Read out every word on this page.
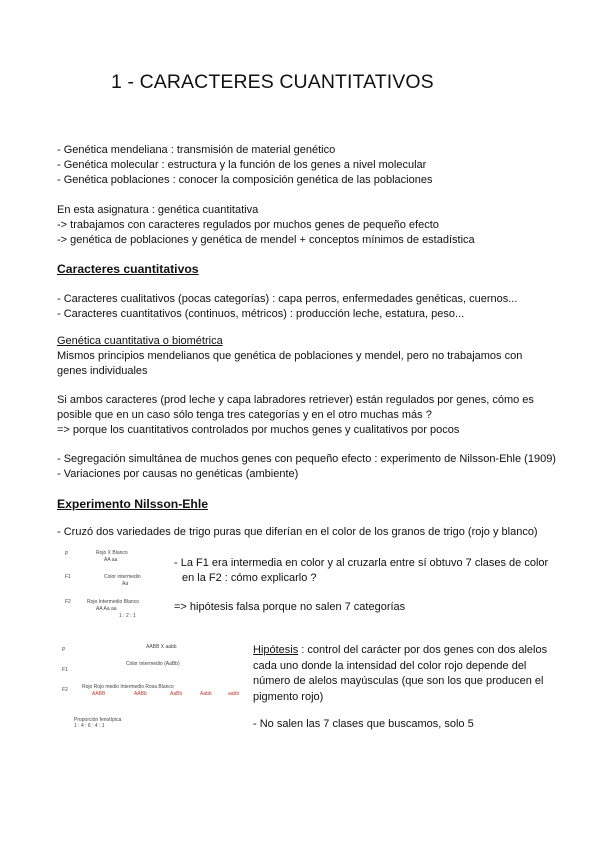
1 - CARACTERES CUANTITATIVOS
- Genética mendeliana : transmisión de material genético
- Genética molecular : estructura y la función de los genes a nivel molecular
- Genética poblaciones : conocer la composición genética de las poblaciones
En esta asignatura : genética cuantitativa
-> trabajamos con caracteres regulados por muchos genes de pequeño efecto
-> genética de poblaciones y genética de mendel + conceptos mínimos de estadística
Caracteres cuantitativos
- Caracteres cualitativos (pocas categorías) : capa perros, enfermedades genéticas, cuernos...
- Caracteres cuantitativos (continuos, métricos) : producción leche, estatura, peso...
Genética cuantitativa o biométrica
Mismos principios mendelianos que genética de poblaciones y mendel, pero no trabajamos con
genes individuales
Si ambos caracteres (prod leche y capa labradores retriever) están regulados por genes, cómo es
posible que en un caso sólo tenga tres categorías y en el otro muchas más ?
=> porque los cuantitativos controlados por muchos genes y cualitativos por pocos
- Segregación simultánea de muchos genes con pequeño efecto : experimento de Nilsson-Ehle (1909)
- Variaciones por causas no genéticas (ambiente)
Experimento Nilsson-Ehle
- Cruzó dos variedades de trigo puras que diferían en el color de los granos de trigo (rojo y blanco)
P	Rojo X Blanco
AA aa
F1	Color intermedio
Aa
F2	Rojo Intermedio Blanco
AA Aa aa
1 : 2 : 1
- La F1 era intermedia en color y al cruzarla entre sí obtuvo 7 clases de color
en la F2 : cómo explicarlo ?
=> hipótesis falsa porque no salen 7 categorías
P	AABB X aabb
F1
Color intermedio (AaBb)
F2	Rojo Rojo medio Intermedio Rosa Blanco
AABB	AABb	AaBb	Aabb	aabb
Proporción fenotípica
1 : 4 : 6 : 4 : 1
Hipótesis : control del carácter por dos genes con dos alelos
cada uno donde la intensidad del color rojo depende del
número de alelos mayúsculas (que son los que producen el
pigmento rojo)
- No salen las 7 clases que buscamos, solo 5
